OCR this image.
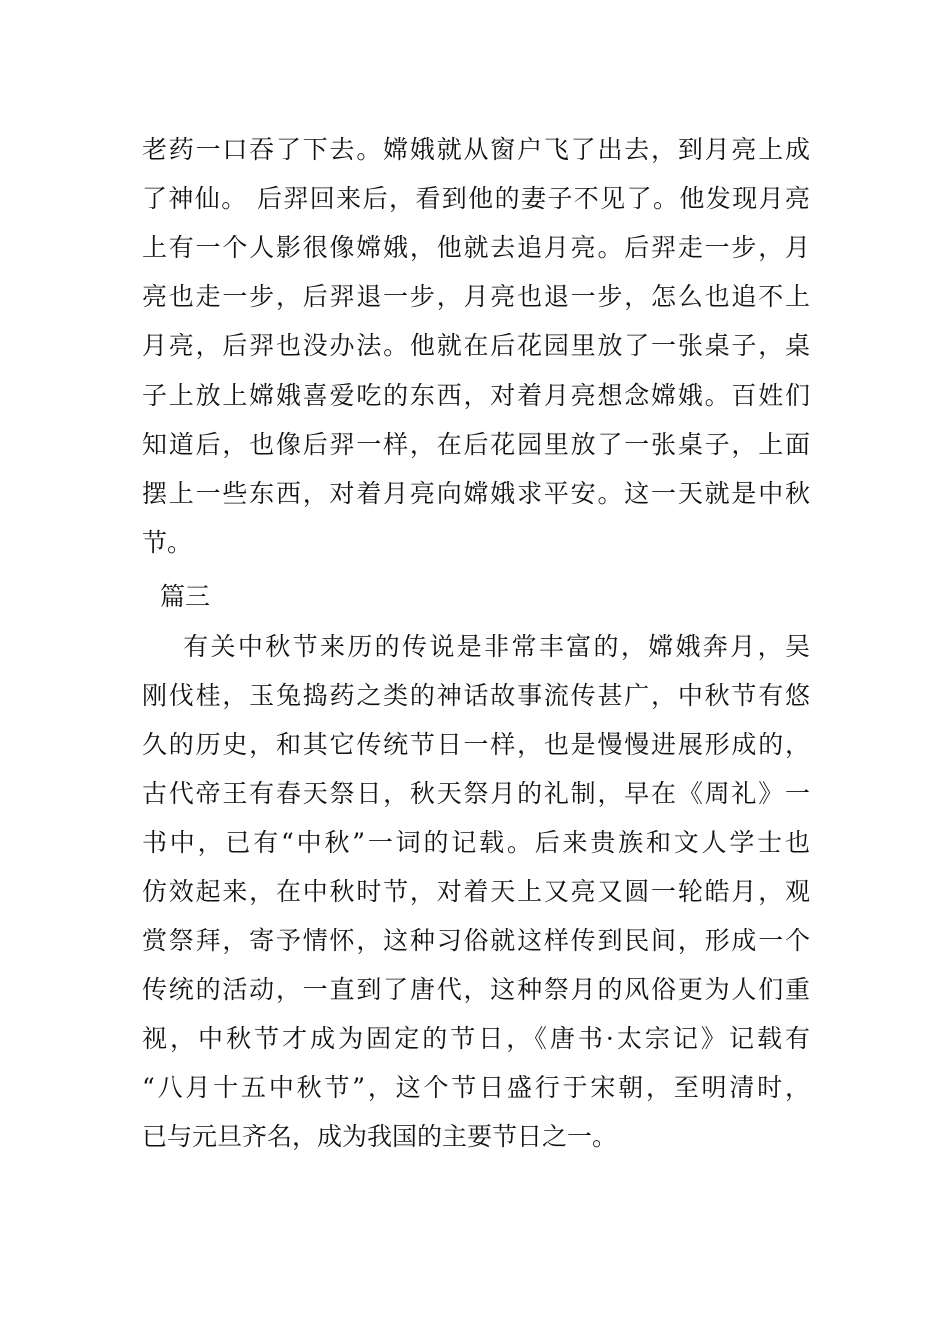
老药一口吞了下去。嫦娥就从窗户飞了出去，到月亮上成
了神仙。 后羿回来后，看到他的妻子不见了。他发现月亮
上有一个人影很像嫦娥，他就去追月亮。后羿走一步，月
亮也走一步，后羿退一步，月亮也退一步，怎么也追不上
月亮，后羿也没办法。他就在后花园里放了一张桌子，桌
子上放上嫦娥喜爱吃的东西，对着月亮想念嫦娥。百姓们
知道后，也像后羿一样，在后花园里放了一张桌子，上面
摆上一些东西，对着月亮向嫦娥求平安。这一天就是中秋
节。
篇三
有关中秋节来历的传说是非常丰富的，嫦娥奔月，吴
刚伐桂，玉兔捣药之类的神话故事流传甚广，中秋节有悠
久的历史，和其它传统节日一样，也是慢慢进展形成的，
古代帝王有春天祭日，秋天祭月的礼制，早在《周礼》一
书中，已有“中秋”一词的记载。后来贵族和文人学士也
仿效起来，在中秋时节，对着天上又亮又圆一轮皓月，观
赏祭拜，寄予情怀，这种习俗就这样传到民间，形成一个
传统的活动，一直到了唐代，这种祭月的风俗更为人们重
视，中秋节才成为固定的节日，《唐书·太宗记》记载有
“八月十五中秋节”，这个节日盛行于宋朝，至明清时，
已与元旦齐名，成为我国的主要节日之一。
